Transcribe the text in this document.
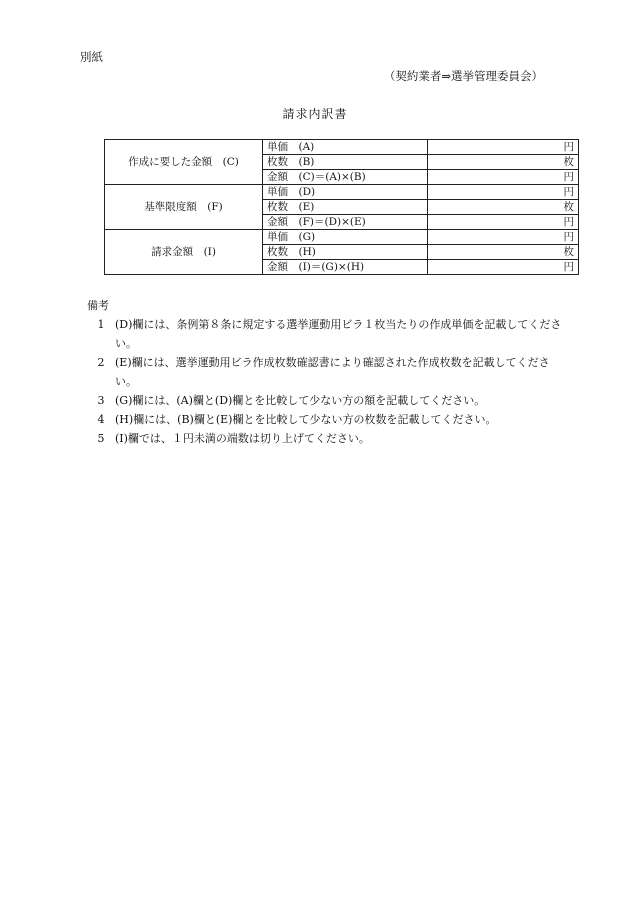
別紙
（契約業者⇒選挙管理委員会）
請求内訳書
作成に要した金額　(C)	単価　(A)	円
	枚数　(B)	枚
	金額　(C)＝(A)×(B)	円
基準限度額　(F)	単価　(D)	円
	枚数　(E)	枚
	金額　(F)＝(D)×(E)	円
請求金額　(I)	単価　(G)	円
	枚数　(H)	枚
	金額　(I)＝(G)×(H)	円
備考
1 (D)欄には、条例第８条に規定する選挙運動用ビラ１枚当たりの作成単価を記載してください。
2 (E)欄には、選挙運動用ビラ作成枚数確認書により確認された作成枚数を記載してください。
3 (G)欄には、(A)欄と(D)欄とを比較して少ない方の額を記載してください。
4 (H)欄には、(B)欄と(E)欄とを比較して少ない方の枚数を記載してください。
5 (I)欄では、１円未満の端数は切り上げてください。
